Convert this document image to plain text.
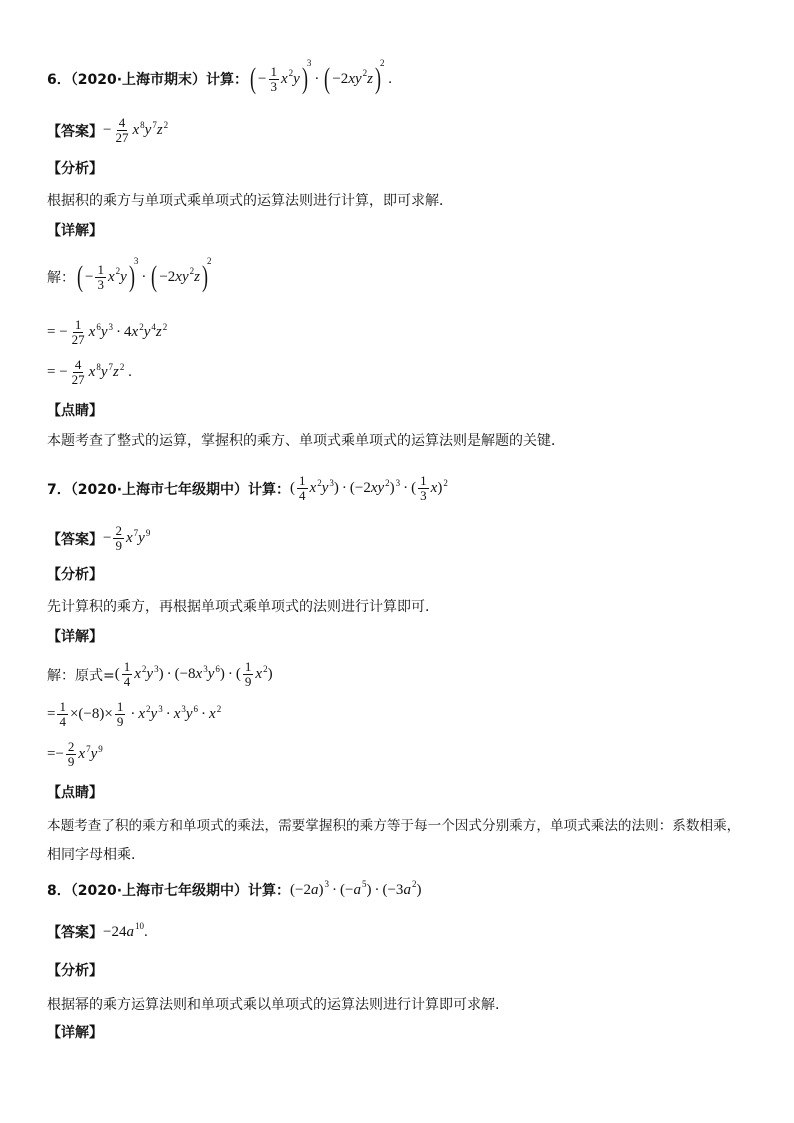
6．（2020·上海市期末）计算： ( − $\frac{1}{3} x^2$ y ) 3
· ( −2 $xy^2$ z ) 2
.
【答案】 − $\frac{4}{27} x^8$ $y^7$ $z^2$
【分析】
根据积的乘方与单项式乘单项式的运算法则进行计算，即可求解．
【详解】
解： ( − $\frac{1}{3} x^2$ y ) 3
· ( −2 $xy^2$ z ) 2
= − $\frac{1}{27} x^6$ $y^3 \cdot 4$ $x^2$ $y^4$ $z^2$
= − $\frac{4}{27} x^8$ $y^7$ $z^2$ .
【点睛】
本题考查了整式的运算，掌握积的乘方、单项式乘单项式的运算法则是解题的关键．
7．（2020·上海市七年级期中）计算： ( $\frac{1}{4} x^2$ $y^3$ ) · (−2 $xy^2$ )$^3$ · ( $\frac{1}{3}$ x )$^2$
【答案】 − $\frac{2}{9} x^7$ $y^9$
【分析】
先计算积的乘方，再根据单项式乘单项式的法则进行计算即可.
【详解】
解：原式= ( $\frac{1}{4} x^2$ $y^3$ ) · (−8 $x^3$ $y^6$ ) · ( $\frac{1}{9} x^2$ )
= $\frac{1}{4} \times(-8)\times \frac{1}{9} \cdot x^2$ $y^3 \cdot x^3$ $y^6 \cdot x^2$
=− $\frac{2}{9} x^7$ $y^9$
【点睛】
本题考查了积的乘方和单项式的乘法，需要掌握积的乘方等于每一个因式分别乘方，单项式乘法的法则：系数相乘，
相同字母相乘.
8．（2020·上海市七年级期中）计算： (−2 a )$^3$ · (− $a^5$ ) · (−3 $a^2$ )
【答案】 −24 $a^{10}$ .
【分析】
根据幂的乘方运算法则和单项式乘以单项式的运算法则进行计算即可求解.
【详解】
